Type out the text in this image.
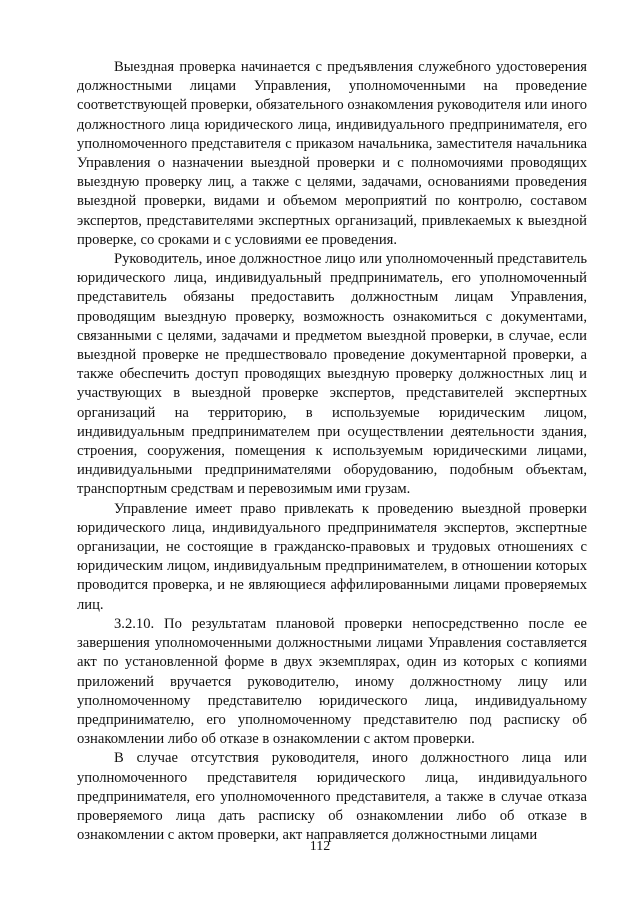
Выездная проверка начинается с предъявления служебного удостоверения должностными лицами Управления, уполномоченными на проведение соответствующей проверки, обязательного ознакомления руководителя или иного должностного лица юридического лица, индивидуального предпринимателя, его уполномоченного представителя с приказом начальника, заместителя начальника Управления о назначении выездной проверки и с полномочиями проводящих выездную проверку лиц, а также с целями, задачами, основаниями проведения выездной проверки, видами и объемом мероприятий по контролю, составом экспертов, представителями экспертных организаций, привлекаемых к выездной проверке, со сроками и с условиями ее проведения.

Руководитель, иное должностное лицо или уполномоченный представитель юридического лица, индивидуальный предприниматель, его уполномоченный представитель обязаны предоставить должностным лицам Управления, проводящим выездную проверку, возможность ознакомиться с документами, связанными с целями, задачами и предметом выездной проверки, в случае, если выездной проверке не предшествовало проведение документарной проверки, а также обеспечить доступ проводящих выездную проверку должностных лиц и участвующих в выездной проверке экспертов, представителей экспертных организаций на территорию, в используемые юридическим лицом, индивидуальным предпринимателем при осуществлении деятельности здания, строения, сооружения, помещения к используемым юридическими лицами, индивидуальными предпринимателями оборудованию, подобным объектам, транспортным средствам и перевозимым ими грузам.

Управление имеет право привлекать к проведению выездной проверки юридического лица, индивидуального предпринимателя экспертов, экспертные организации, не состоящие в гражданско-правовых и трудовых отношениях с юридическим лицом, индивидуальным предпринимателем, в отношении которых проводится проверка, и не являющиеся аффилированными лицами проверяемых лиц.

3.2.10. По результатам плановой проверки непосредственно после ее завершения уполномоченными должностными лицами Управления составляется акт по установленной форме в двух экземплярах, один из которых с копиями приложений вручается руководителю, иному должностному лицу или уполномоченному представителю юридического лица, индивидуальному предпринимателю, его уполномоченному представителю под расписку об ознакомлении либо об отказе в ознакомлении с актом проверки.

В случае отсутствия руководителя, иного должностного лица или уполномоченного представителя юридического лица, индивидуального предпринимателя, его уполномоченного представителя, а также в случае отказа проверяемого лица дать расписку об ознакомлении либо об отказе в ознакомлении с актом проверки, акт направляется должностными лицами

112
